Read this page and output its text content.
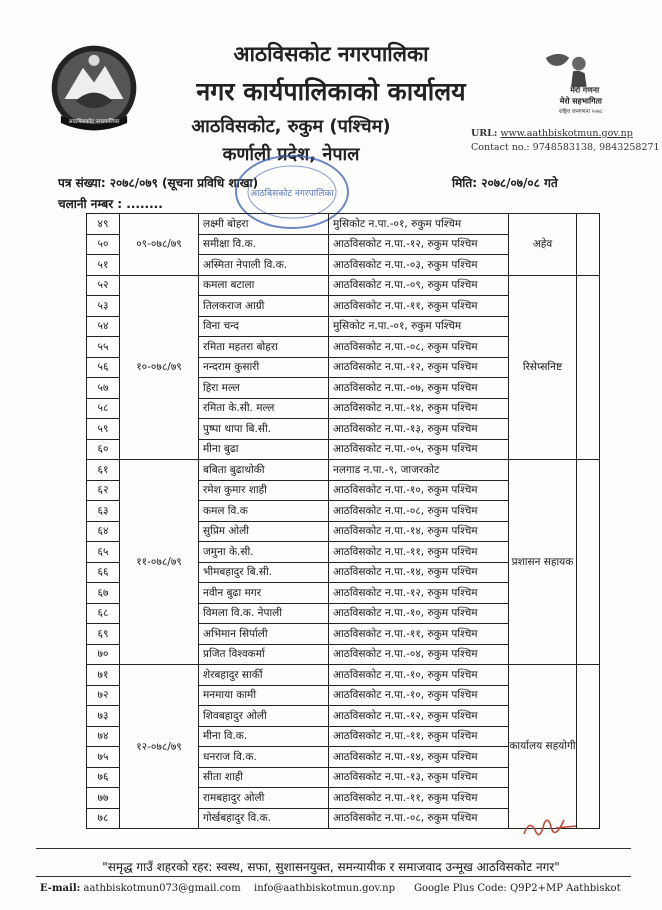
आठबिसकोट नगरपालिका
मेरो गणना
मेरो सहभागिता
राष्ट्रिय जनगणना २०७८
आठविसकोट नगरपालिका
नगर कार्यपालिकाको कार्यालय
आठविसकोट, रुकुम (पश्चिम)
कर्णाली प्रदेश, नेपाल
URL: www.aathbiskotmun.gov.np
Contact no.: 9748583138, 9843258271
पत्र संख्या: २०७८/०७९ (सूचना प्रविधि शाखा)	मिति: २०७८/०७/०८ गते
चलानी नम्बर : ........
आठबिसकोट नगरपालिका
४९	०९-०७८/७९	लक्ष्मी बोहरा	मुसिकोट न.पा.-०१, रुकुम पश्चिम	अहेव	
५०		समीक्षा वि.क.	आठविसकोट न.पा.-१२, रुकुम पश्चिम		
५१		अस्मिता नेपाली वि.क.	आठविसकोट न.पा.-०३, रुकुम पश्चिम		
५२	१०-०७८/७९	कमला बटाला	आठविसकोट न.पा.-०९, रुकुम पश्चिम	रिसेप्सनिष्ट	
५३		तिलकराज आग्री	आठविसकोट न.पा.-११, रुकुम पश्चिम		
५४		विना चन्द	मुसिकोट न.पा.-०१, रुकुम पश्चिम		
५५		रमिता महतरा बोहरा	आठविसकोट न.पा.-०८, रुकुम पश्चिम		
५६		नन्दराम कुसारी	आठविसकोट न.पा.-१२, रुकुम पश्चिम		
५७		हिरा मल्ल	आठविसकोट न.पा.-०७, रुकुम पश्चिम		
५८		रमिता के.सी. मल्ल	आठविसकोट न.पा.-१४, रुकुम पश्चिम		
५९		पुष्पा थापा बि.सी.	आठविसकोट न.पा.-१३, रुकुम पश्चिम		
६०		मीना बुढा	आठविसकोट न.पा.-०५, रुकुम पश्चिम		
६१	११-०७८/७९	बबिता बुढाथोकी	नलगाड न.पा.-९, जाजरकोट	प्रशासन सहायक	
६२		रमेश कुमार शाही	आठविसकोट न.पा.-१०, रुकुम पश्चिम		
६३		कमल वि.क	आठविसकोट न.पा.-०८, रुकुम पश्चिम		
६४		सुप्रिम ओली	आठविसकोट न.पा.-१४, रुकुम पश्चिम		
६५		जमुना के.सी.	आठविसकोट न.पा.-११, रुकुम पश्चिम		
६६		भीमबहादुर बि.सी.	आठविसकोट न.पा.-१४, रुकुम पश्चिम		
६७		नवीन बुढा मगर	आठविसकोट न.पा.-१२, रुकुम पश्चिम		
६८		विमला वि.क. नेपाली	आठविसकोट न.पा.-१०, रुकुम पश्चिम		
६९		अभिमान सिर्पाली	आठविसकोट न.पा.-११, रुकुम पश्चिम		
७०		प्रजित विश्वकर्मा	आठविसकोट न.पा.-०४, रुकुम पश्चिम		
७१	१२-०७८/७९	शेरबहादुर सार्की	आठविसकोट न.पा.-१०, रुकुम पश्चिम	कार्यालय सहयोगी	
७२		मनमाया कामी	आठविसकोट न.पा.-१०, रुकुम पश्चिम		
७३		शिवबहादुर ओली	आठविसकोट न.पा.-१२, रुकुम पश्चिम		
७४		मीना वि.क.	आठविसकोट न.पा.-११, रुकुम पश्चिम		
७५		धनराज वि.क.	आठविसकोट न.पा.-१४, रुकुम पश्चिम		
७६		सीता शाही	आठविसकोट न.पा.-१३, रुकुम पश्चिम		
७७		रामबहादुर ओली	आठविसकोट न.पा.-११, रुकुम पश्चिम		
७८		गोर्खबहादुर वि.क.	आठविसकोट न.पा.-०८, रुकुम पश्चिम		
"समृद्ध गाउँ शहरको रहर: स्वस्थ, सफा, सुशासनयुक्त, समन्यायीक र समाजवाद उन्मूख आठविसकोट नगर"
E-mail: aathbiskotmun073@gmail.com info@aathbiskotmun.gov.np Google Plus Code: Q9P2+MP Aathbiskot
